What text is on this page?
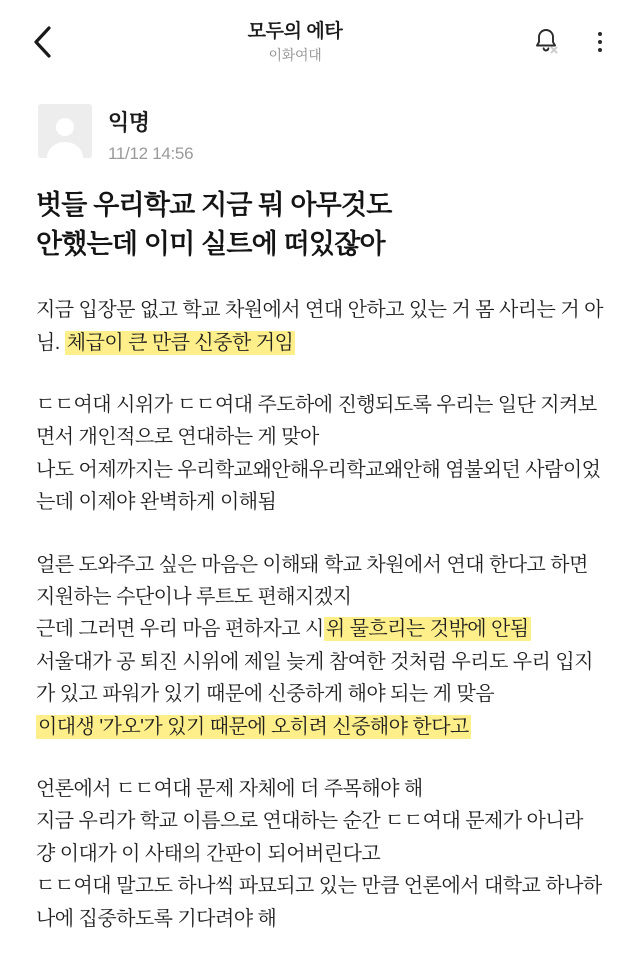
모두의 에타
이화여대
익명
11/12 14:56
벗들 우리학교 지금 뭐 아무것도
안했는데 이미 실트에 떠있잖아
지금 입장문 없고 학교 차원에서 연대 안하고 있는 거 몸 사리는 거 아님. 체급이 큰 만큼 신중한 거임
ㄷㄷ여대 시위가 ㄷㄷ여대 주도하에 진행되도록 우리는 일단 지켜보면서 개인적으로 연대하는 게 맞아
나도 어제까지는 우리학교왜안해우리학교왜안해 염불외던 사람이었는데 이제야 완벽하게 이해됨
얼른 도와주고 싶은 마음은 이해돼 학교 차원에서 연대 한다고 하면 지원하는 수단이나 루트도 편해지겠지
근데 그러면 우리 마음 편하자고 시 위 물흐리는 것밖에 안됨
서울대가 공 퇴진 시위에 제일 늦게 참여한 것처럼 우리도 우리 입지가 있고 파워가 있기 때문에 신중하게 해야 되는 게 맞음
이대생 '가오'가 있기 때문에 오히려 신중해야 한다고
언론에서 ㄷㄷ여대 문제 자체에 더 주목해야 해
지금 우리가 학교 이름으로 연대하는 순간 ㄷㄷ여대 문제가 아니라 걍 이대가 이 사태의 간판이 되어버린다고
ㄷㄷ여대 말고도 하나씩 파묘되고 있는 만큼 언론에서 대학교 하나하나에 집중하도록 기다려야 해
